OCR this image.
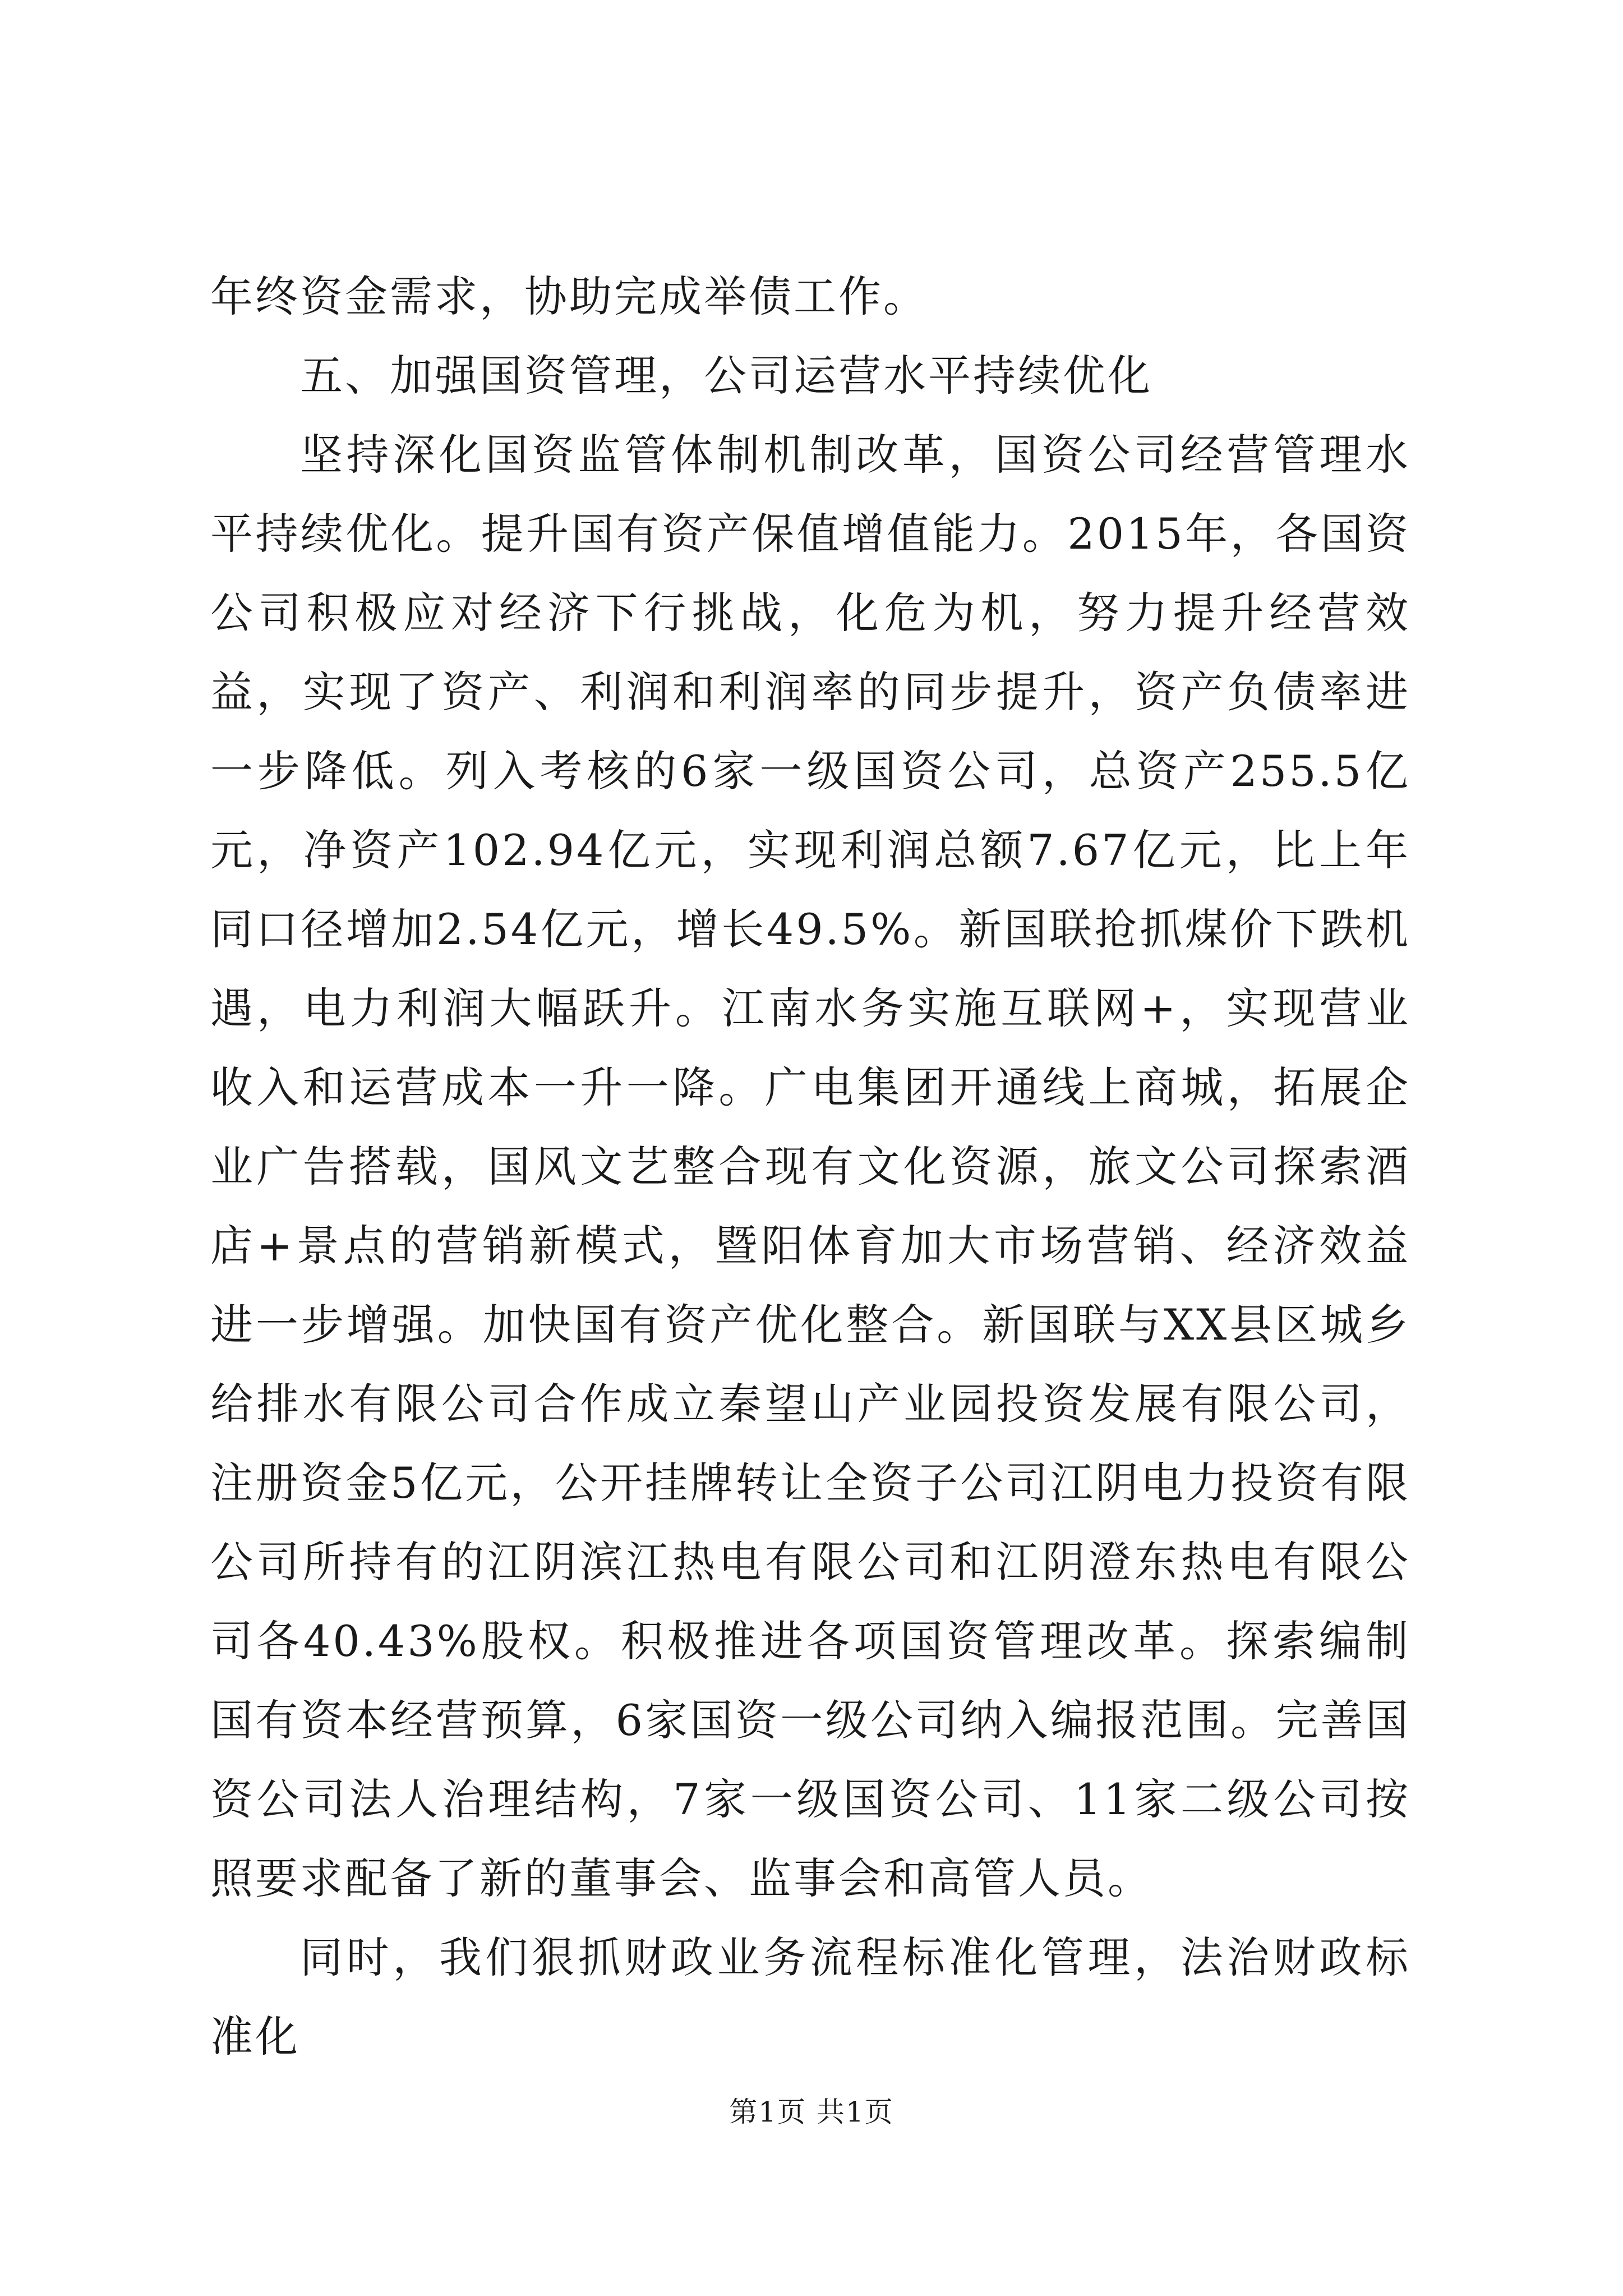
年终资金需求，协助完成举债工作。

五、加强国资管理，公司运营水平持续优化

坚持深化国资监管体制机制改革，国资公司经营管理水平持续优化。提升国有资产保值增值能力。2015年，各国资公司积极应对经济下行挑战，化危为机，努力提升经营效益，实现了资产、利润和利润率的同步提升，资产负债率进一步降低。列入考核的6家一级国资公司，总资产255.5亿元，净资产102.94亿元，实现利润总额7.67亿元，比上年同口径增加2.54亿元，增长49.5%。新国联抢抓煤价下跌机遇，电力利润大幅跃升。江南水务实施互联网+，实现营业收入和运营成本一升一降。广电集团开通线上商城，拓展企业广告搭载，国风文艺整合现有文化资源，旅文公司探索酒店+景点的营销新模式，暨阳体育加大市场营销、经济效益进一步增强。加快国有资产优化整合。新国联与XX县区城乡给排水有限公司合作成立秦望山产业园投资发展有限公司，注册资金5亿元，公开挂牌转让全资子公司江阴电力投资有限公司所持有的江阴滨江热电有限公司和江阴澄东热电有限公司各40.43%股权。积极推进各项国资管理改革。探索编制国有资本经营预算，6家国资一级公司纳入编报范围。完善国资公司法人治理结构，7家一级国资公司、11家二级公司按照要求配备了新的董事会、监事会和高管人员。

同时，我们狠抓财政业务流程标准化管理，法治财政标准化

第1页 共1页
